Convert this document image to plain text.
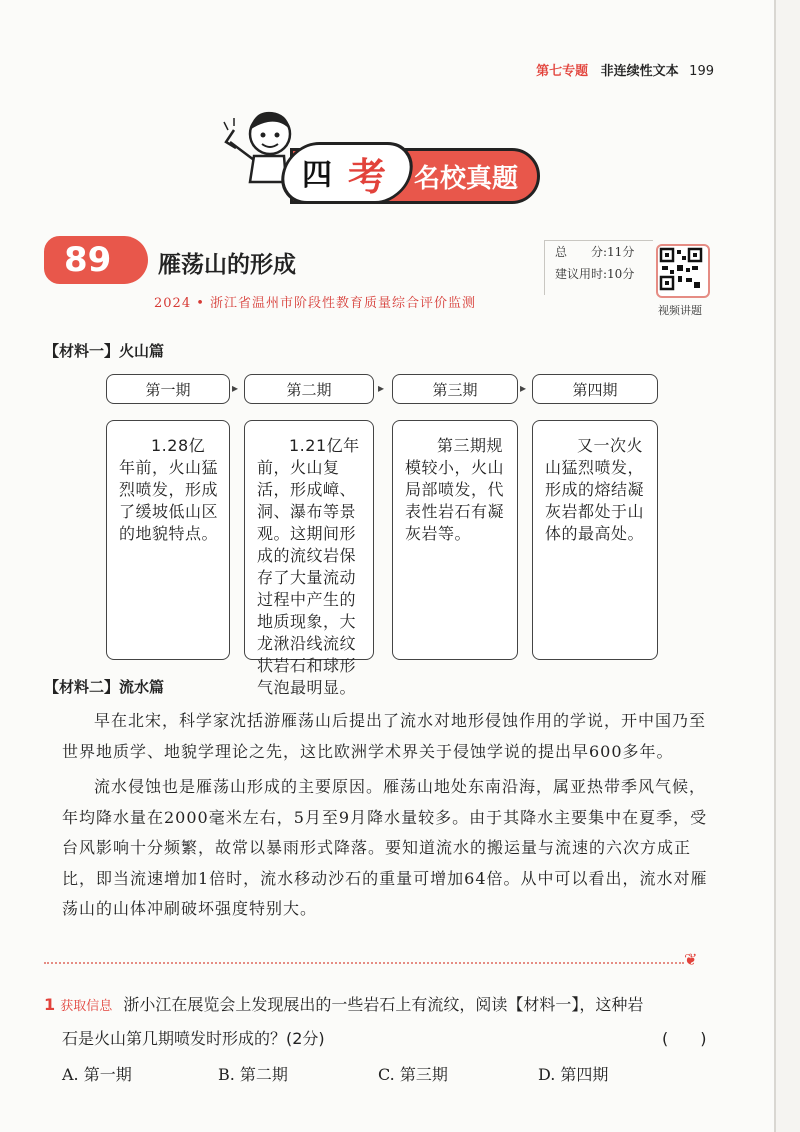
第七专题 非连续性文本 199
四 考 名校真题
89 雁荡山的形成
2024 • 浙江省温州市阶段性教育质量综合评价监测
总　　分:11分
建议用时:10分
视频讲题
【材料一】火山篇
第一期	▸	第二期	▸	第三期	▸	第四期

1.28亿年前，火山猛烈喷发，形成了缓坡低山区的地貌特点。

1.21亿年前，火山复活，形成嶂、洞、瀑布等景观。这期间形成的流纹岩保存了大量流动过程中产生的地质现象，大龙湫沿线流纹状岩石和球形气泡最明显。

第三期规模较小，火山局部喷发，代表性岩石有凝灰岩等。

又一次火山猛烈喷发，形成的熔结凝灰岩都处于山体的最高处。

【材料二】流水篇
早在北宋，科学家沈括游雁荡山后提出了流水对地形侵蚀作用的学说，开中国乃至世界地质学、地貌学理论之先，这比欧洲学术界关于侵蚀学说的提出早600多年。
流水侵蚀也是雁荡山形成的主要原因。雁荡山地处东南沿海，属亚热带季风气候，年均降水量在2000毫米左右，5月至9月降水量较多。由于其降水主要集中在夏季，受台风影响十分频繁，故常以暴雨形式降落。要知道流水的搬运量与流速的六次方成正比，即当流速增加1倍时，流水移动沙石的重量可增加64倍。从中可以看出，流水对雁荡山的山体冲刷破坏强度特别大。
❦
1 获取信息 浙小江在展览会上发现展出的一些岩石上有流纹，阅读【材料一】，这种岩
石是火山第几期喷发时形成的？(2分)	(　　)
A. 第一期	B. 第二期	C. 第三期	D. 第四期
